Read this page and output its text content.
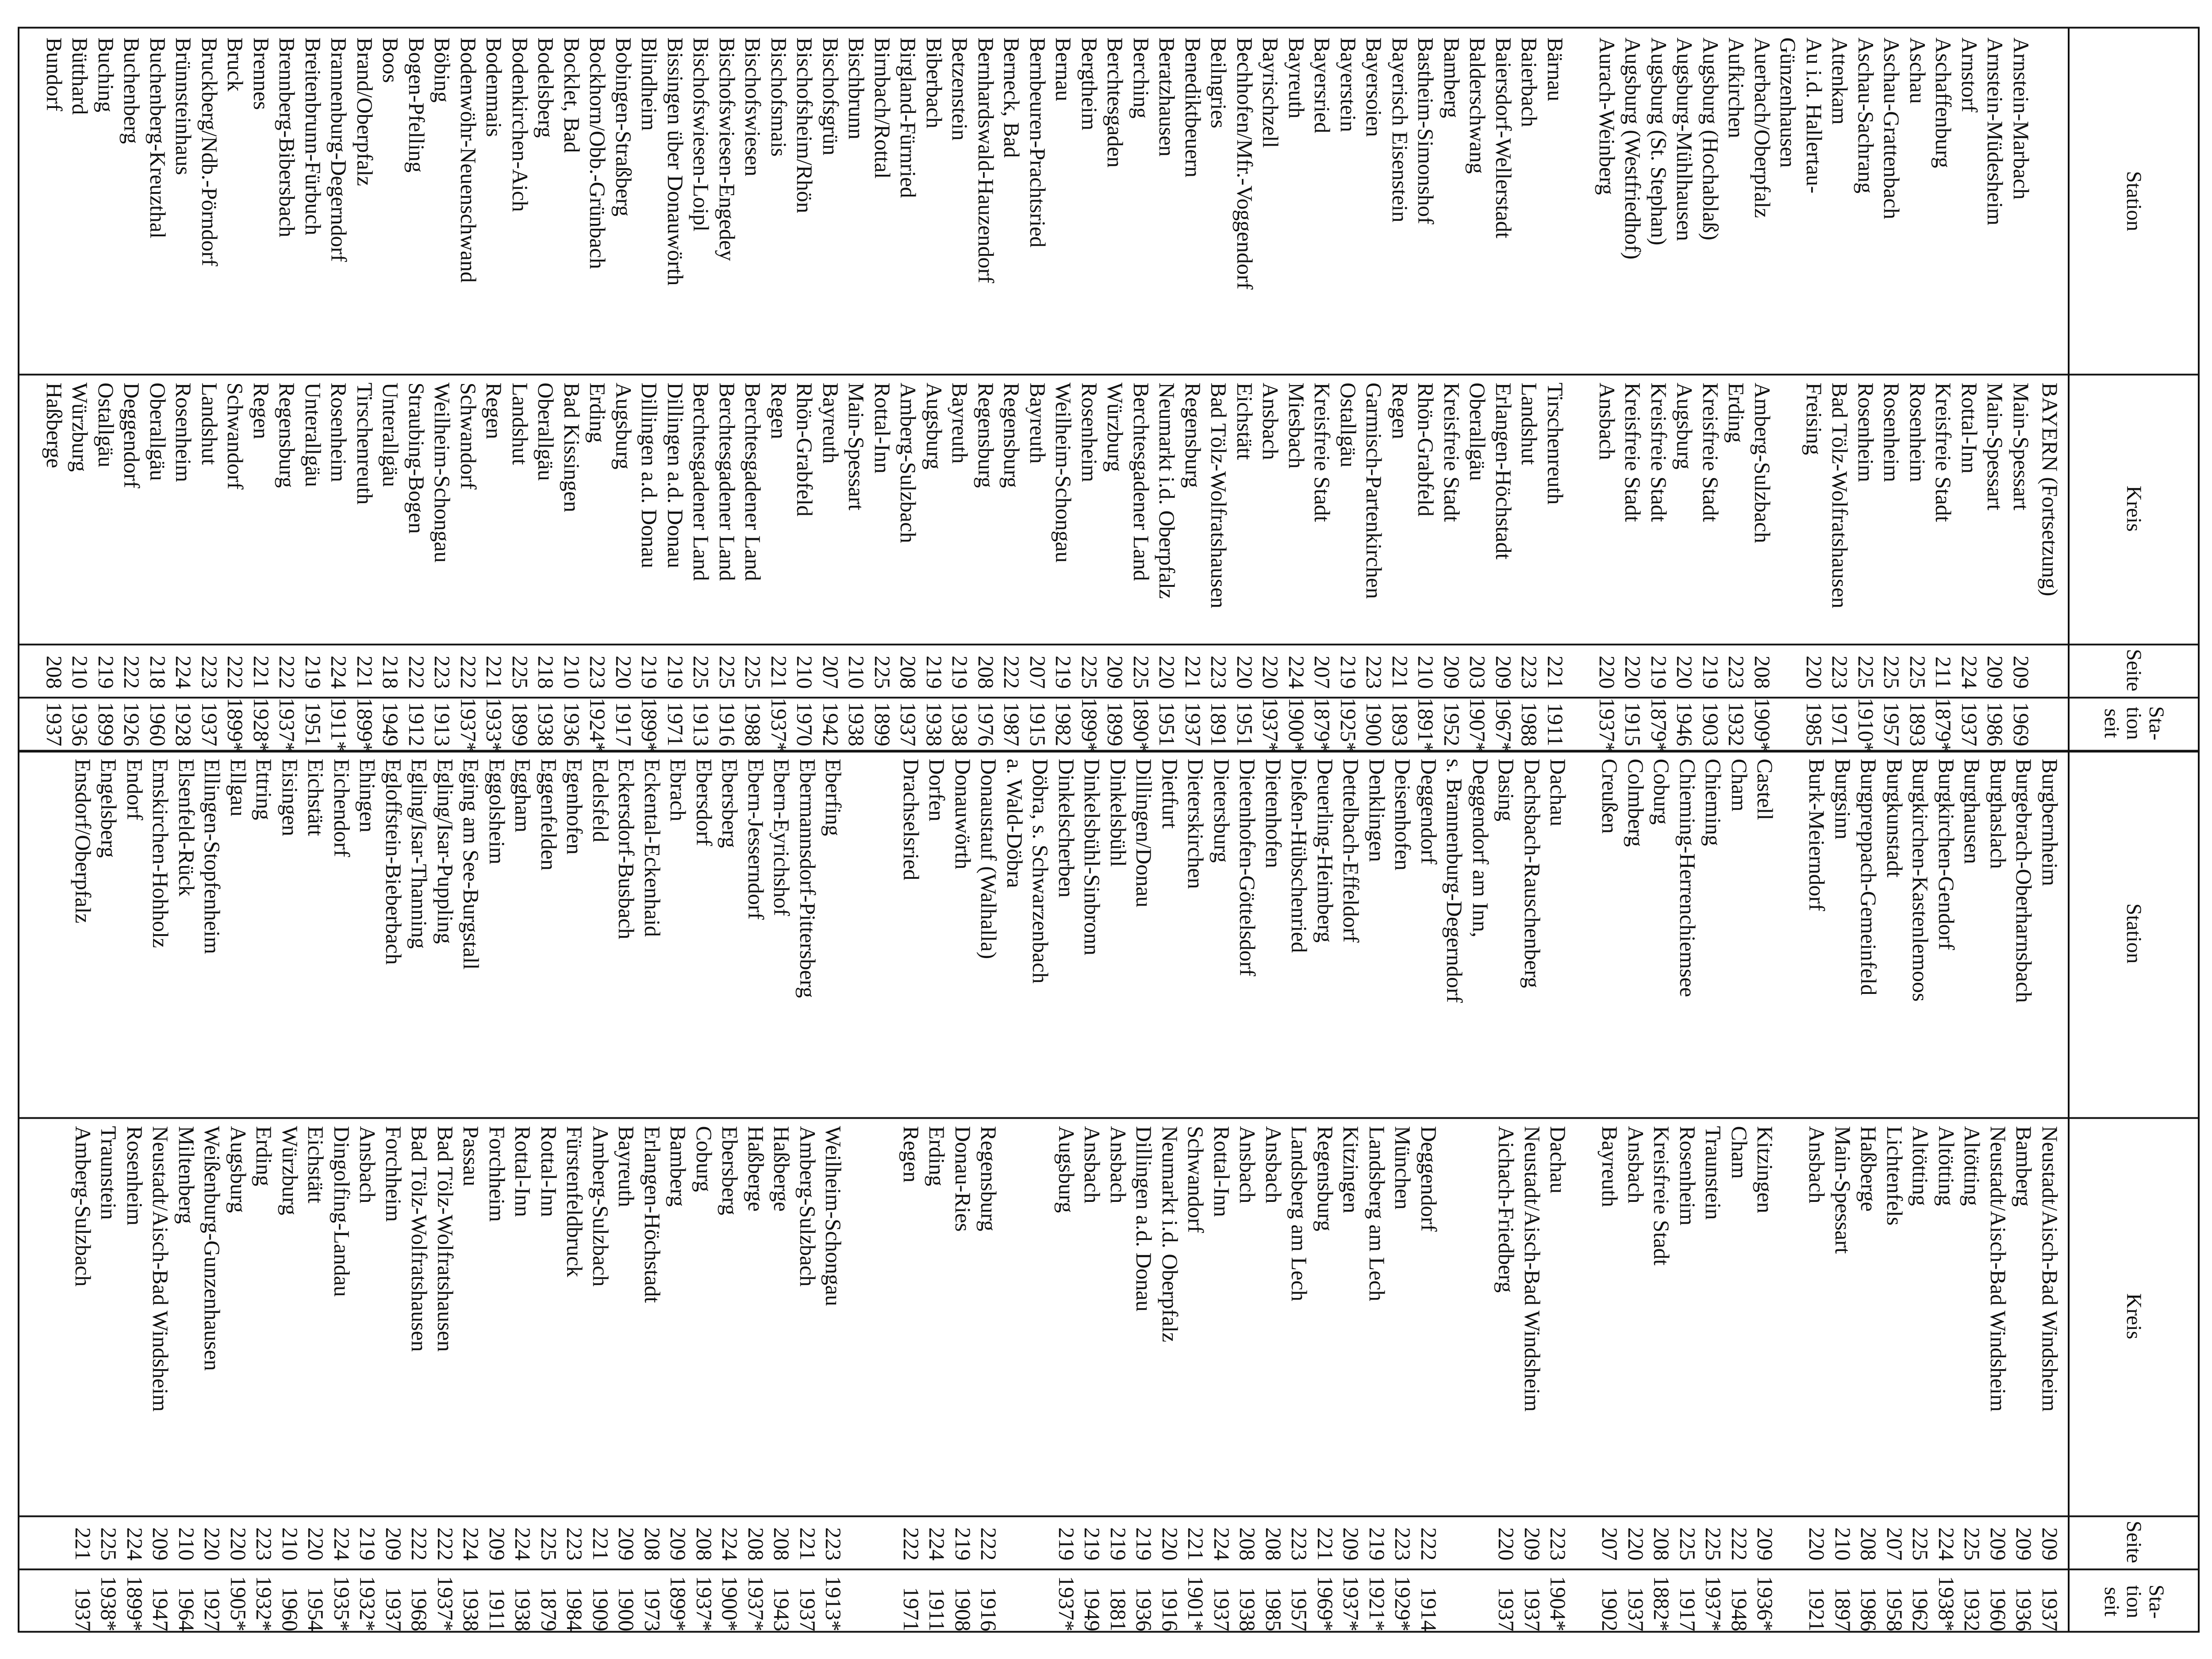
Station
Kreis
Seite
Sta-
tion
seit
Station
Kreis
Seite
Sta-
tion
seit
BAYERN (Fortsetzung)
Arnstein-Marbach
Arnstein-Müdesheim
Arnstorf
Aschaffenburg
Aschau
Aschau-Grattenbach
Aschau-Sachrang
Attenkam
Au i.d. Hallertau-
Günzenhausen
Auerbach/Oberpfalz
Aufkirchen
Augsburg (Hochablaß)
Augsburg-Mühlhausen
Augsburg (St. Stephan)
Augsburg (Westfriedhof)
Aurach-Weinberg
Bärnau
Baierbach
Baiersdorf-Wellerstadt
Balderschwang
Bamberg
Bastheim-Simonshof
Bayerisch Eisenstein
Bayersoien
Bayerstein
Bayersried
Bayreuth
Bayrischzell
Bechhofen/Mfr.-Voggendorf
Beilngries
Benediktbeuern
Beratzhausen
Berching
Berchtesgaden
Bergtheim
Bernau
Bernbeuren-Prachtsried
Berneck, Bad
Bernhardswald-Hauzendorf
Betzenstein
Biberbach
Birgland-Fürnried
Birnbach/Rottal
Bischbrunn
Bischofsgrün
Bischofsheim/Rhön
Bischofsmais
Bischofswiesen
Bischofswiesen-Engedey
Bischofswiesen-Loipl
Bissingen über Donauwörth
Blindheim
Bobingen-Straßberg
Bockhorn/Obb.-Grünbach
Bocklet, Bad
Bodelsberg
Bodenkirchen-Aich
Bodenmais
Bodenwöhr-Neuenschwand
Böbing
Bogen-Pfelling
Boos
Brand/Oberpfalz
Brannenburg-Degerndorf
Breitenbrunn-Fürbuch
Brennberg-Bibersbach
Brennes
Bruck
Bruckberg/Ndb.-Pörndorf
Brünnsteinhaus
Buchenberg-Kreuzthal
Buchenberg
Buching
Bütthard
Bundorf
Main-Spessart
Main-Spessart
Rottal-Inn
Kreisfreie Stadt
Rosenheim
Rosenheim
Rosenheim
Bad Tölz-Wolfratshausen
Freising
Amberg-Sulzbach
Erding
Kreisfreie Stadt
Augsburg
Kreisfreie Stadt
Kreisfreie Stadt
Ansbach
Tirschenreuth
Landshut
Erlangen-Höchstadt
Oberallgäu
Kreisfreie Stadt
Rhön-Grabfeld
Regen
Garmisch-Partenkirchen
Ostallgäu
Kreisfreie Stadt
Miesbach
Ansbach
Eichstätt
Bad Tölz-Wolfratshausen
Regensburg
Neumarkt i.d. Oberpfalz
Berchtesgadener Land
Würzburg
Rosenheim
Weilheim-Schongau
Bayreuth
Regensburg
Regensburg
Bayreuth
Augsburg
Amberg-Sulzbach
Rottal-Inn
Main-Spessart
Bayreuth
Rhön-Grabfeld
Regen
Berchtesgadener Land
Berchtesgadener Land
Berchtesgadener Land
Dillingen a.d. Donau
Dillingen a.d. Donau
Augsburg
Erding
Bad Kissingen
Oberallgäu
Landshut
Regen
Schwandorf
Weilheim-Schongau
Straubing-Bogen
Unterallgäu
Tirschenreuth
Rosenheim
Unterallgäu
Regensburg
Regen
Schwandorf
Landshut
Rosenheim
Oberallgäu
Deggendorf
Ostallgäu
Würzburg
Haßberge
209
209
224
211
225
225
225
223
220
208
223
219
220
219
220
220
221
223
209
203
209
210
221
223
219
207
224
220
220
223
221
220
225
209
225
219
207
222
208
219
219
208
225
210
207
210
221
225
225
225
219
219
220
223
210
218
225
221
222
223
222
218
221
224
219
222
221
222
223
224
218
222
219
210
208
1969
1986
1937
1879*
1893
1957
1910*
1971
1985
1909*
1932
1903
1946
1879*
1915
1937*
1911
1988
1967*
1907*
1952
1891*
1893
1900
1925*
1879*
1900*
1937*
1951
1891
1937
1951
1890*
1899
1899*
1982
1915
1987
1976
1938
1938
1937
1899
1938
1942
1970
1937*
1988
1916
1913
1971
1899*
1917
1924*
1936
1938
1899
1933*
1937*
1913
1912
1949
1899*
1911*
1951
1937*
1928*
1899*
1937
1928
1960
1926
1899
1936
1937
Burgbernheim
Burgebrach-Oberharnsbach
Burghaslach
Burghausen
Burgkirchen-Gendorf
Burgkirchen-Kastenlemoos
Burgkunstadt
Burgpreppach-Gemeinfeld
Burgsinn
Burk-Meierndorf
Castell
Cham
Chieming
Chieming-Herrenchiemsee
Coburg
Colmberg
Creußen
Dachau
Dachsbach-Rauschenberg
Dasing
Deggendorf am Inn,
s. Brannenburg-Degerndorf
Deggendorf
Deisenhofen
Denklingen
Dettelbach-Effeldorf
Deuerling-Heimberg
Dießen-Hübschenried
Dietenhofen
Dietenhofen-Göttelsdorf
Dietersburg
Dieterskirchen
Dietfurt
Dillingen/Donau
Dinkelsbühl
Dinkelsbühl-Sinbronn
Dinkelscherben
Döbra, s. Schwarzenbach
a. Wald-Döbra
Donaustauf (Walhalla)
Donauwörth
Dorfen
Drachselsried
Eberfing
Ebermannsdorf-Pittersberg
Ebern-Eyrichshof
Ebern-Jesserndorf
Ebersberg
Ebersdorf
Ebrach
Eckental-Eckenhaid
Eckersdorf-Busbach
Edelsfeld
Egenhofen
Eggenfelden
Eggham
Eggolsheim
Eging am See-Burgstall
Egling/Isar-Puppling
Egling/Isar-Thanning
Egloffstein-Bieberbach
Ehingen
Eichendorf
Eichstätt
Eisingen
Ettring
Ellgau
Ellingen-Stopfenheim
Elsenfeld-Rück
Emskirchen-Hohholz
Endorf
Engelsberg
Ensdorf/Oberpfalz
Neustadt/Aisch-Bad Windsheim
Bamberg
Neustadt/Aisch-Bad Windsheim
Altötting
Altötting
Altötting
Lichtenfels
Haßberge
Main-Spessart
Ansbach
Kitzingen
Cham
Traunstein
Rosenheim
Kreisfreie Stadt
Ansbach
Bayreuth
Dachau
Neustadt/Aisch-Bad Windsheim
Aichach-Friedberg
Deggendorf
München
Landsberg am Lech
Kitzingen
Regensburg
Landsberg am Lech
Ansbach
Ansbach
Rottal-Inn
Schwandorf
Neumarkt i.d. Oberpfalz
Dillingen a.d. Donau
Ansbach
Ansbach
Augsburg
Regensburg
Donau-Ries
Erding
Regen
Weilheim-Schongau
Amberg-Sulzbach
Haßberge
Haßberge
Ebersberg
Coburg
Bamberg
Erlangen-Höchstadt
Bayreuth
Amberg-Sulzbach
Fürstenfeldbruck
Rottal-Inn
Rottal-Inn
Forchheim
Passau
Bad Tölz-Wolfratshausen
Bad Tölz-Wolfratshausen
Forchheim
Ansbach
Dingolfing-Landau
Eichstätt
Würzburg
Erding
Augsburg
Weißenburg-Gunzenhausen
Miltenberg
Neustadt/Aisch-Bad Windsheim
Rosenheim
Traunstein
Amberg-Sulzbach
209
209
209
225
224
225
207
208
210
220
209
222
225
225
208
220
207
223
209
220
222
223
219
209
221
223
208
208
224
221
220
219
219
219
219
222
219
224
222
223
221
208
208
224
208
209
208
209
221
223
225
224
209
224
222
222
209
219
224
220
210
223
220
220
210
209
224
225
221
1937
1936
1960
1932
1938*
1962
1958
1986
1897
1921
1936*
1948
1937*
1917
1882*
1937
1902
1904*
1937
1937
1914
1929*
1921*
1937*
1969*
1957
1985
1938
1937
1901*
1916
1936
1881
1949
1937*
1916
1908
1911
1971
1913*
1937
1943
1937*
1900*
1937*
1899*
1973
1900
1909
1984
1879
1938
1911
1938
1937*
1968
1937
1932*
1935*
1954
1960
1932*
1905*
1927
1964
1947
1899*
1938*
1937
